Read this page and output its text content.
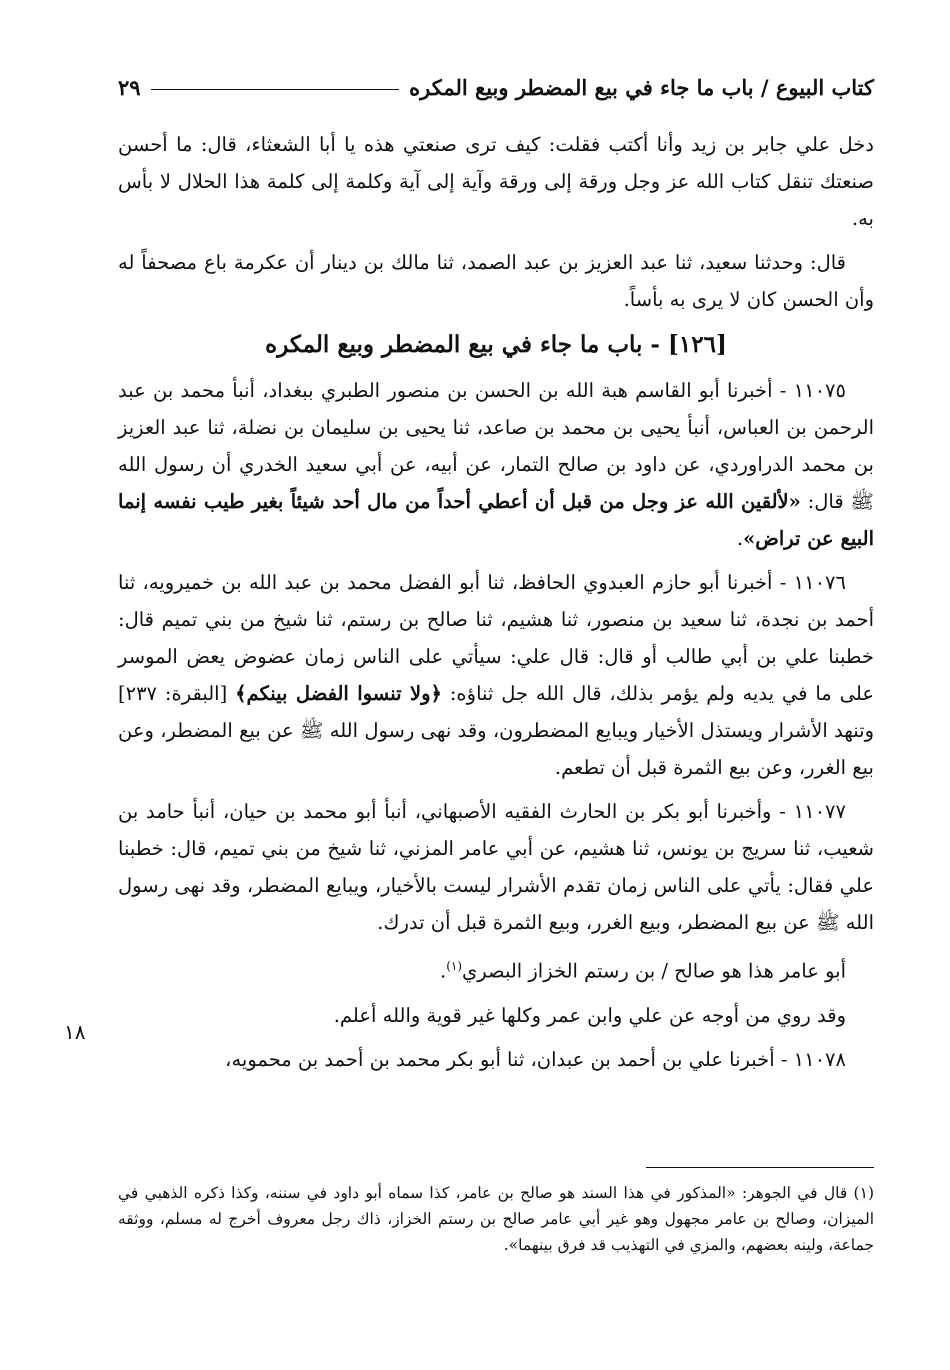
كتاب البيوع / باب ما جاء في بيع المضطر وبيع المكره
٢٩

دخل علي جابر بن زيد وأنا أكتب فقلت: كيف ترى صنعتي هذه يا أبا الشعثاء، قال: ما أحسن صنعتك تنقل كتاب الله عز وجل ورقة إلى ورقة وآية إلى آية وكلمة إلى كلمة هذا الحلال لا بأس به.

قال: وحدثنا سعيد، ثنا عبد العزيز بن عبد الصمد، ثنا مالك بن دينار أن عكرمة باع مصحفاً له وأن الحسن كان لا يرى به بأساً.

[١٢٦] - باب ما جاء في بيع المضطر وبيع المكره

١١٠٧٥ - أخبرنا أبو القاسم هبة الله بن الحسن بن منصور الطبري ببغداد، أنبأ محمد بن عبد الرحمن بن العباس، أنبأ يحيى بن محمد بن صاعد، ثنا يحيى بن سليمان بن نضلة، ثنا عبد العزيز بن محمد الدراوردي، عن داود بن صالح التمار، عن أبيه، عن أبي سعيد الخدري أن رسول الله ﷺ قال: «لألقين الله عز وجل من قبل أن أعطي أحداً من مال أحد شيئاً بغير طيب نفسه إنما البيع عن تراض».

١١٠٧٦ - أخبرنا أبو حازم العبدوي الحافظ، ثنا أبو الفضل محمد بن عبد الله بن خميرويه، ثنا أحمد بن نجدة، ثنا سعيد بن منصور، ثنا هشيم، ثنا صالح بن رستم، ثنا شيخ من بني تميم قال: خطبنا علي بن أبي طالب أو قال: قال علي: سيأتي على الناس زمان عضوض يعض الموسر على ما في يديه ولم يؤمر بذلك، قال الله جل ثناؤه: ﴿ولا تنسوا الفضل بينكم﴾ [البقرة: ٢٣٧] وتنهد الأشرار ويستذل الأخيار ويبايع المضطرون، وقد نهى رسول الله ﷺ عن بيع المضطر، وعن بيع الغرر، وعن بيع الثمرة قبل أن تطعم.

١١٠٧٧ - وأخبرنا أبو بكر بن الحارث الفقيه الأصبهاني، أنبأ أبو محمد بن حيان، أنبأ حامد بن شعيب، ثنا سريج بن يونس، ثنا هشيم، عن أبي عامر المزني، ثنا شيخ من بني تميم، قال: خطبنا علي فقال: يأتي على الناس زمان تقدم الأشرار ليست بالأخيار، ويبايع المضطر، وقد نهى رسول الله ﷺ عن بيع المضطر، وبيع الغرر، وبيع الثمرة قبل أن تدرك.

أبو عامر هذا هو صالح / بن رستم الخزاز البصري$^{(١)}$.

وقد روي من أوجه عن علي وابن عمر وكلها غير قوية والله أعلم.

١١٠٧٨ - أخبرنا علي بن أحمد بن عبدان، ثنا أبو بكر محمد بن أحمد بن محمويه،

١٨
(١) قال في الجوهر: «المذكور في هذا السند هو صالح بن عامر، كذا سماه أبو داود في سننه، وكذا ذكره الذهبي في الميزان، وصالح بن عامر مجهول وهو غير أبي عامر صالح بن رستم الخزاز، ذاك رجل معروف أخرج له مسلم، ووثقه جماعة، ولينه بعضهم، والمزي في التهذيب قد فرق بينهما».
